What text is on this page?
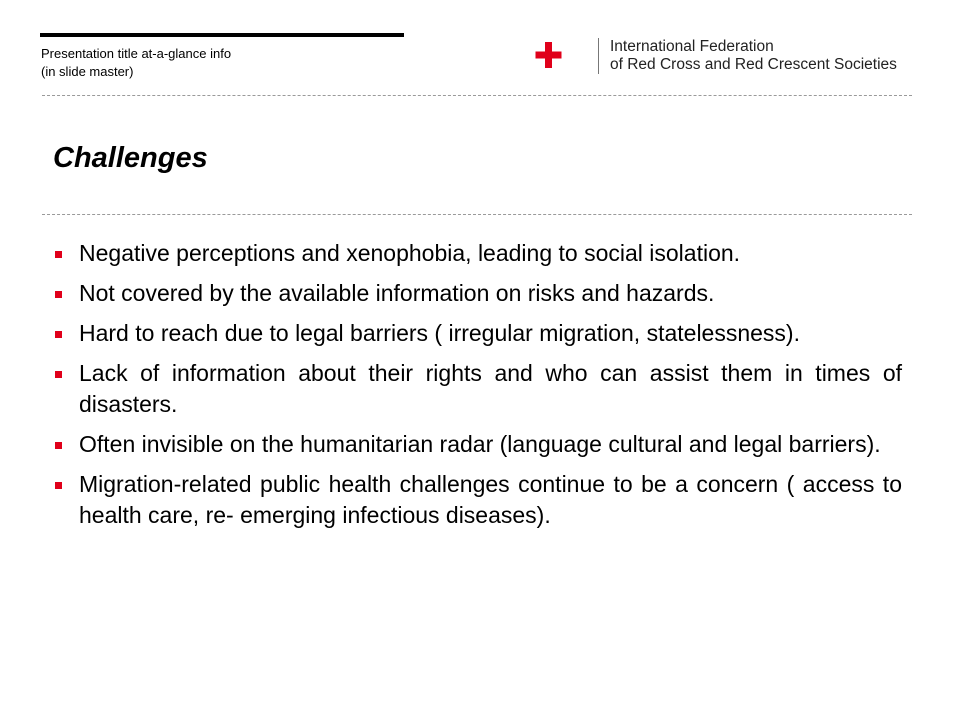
Presentation title at-a-glance info
(in slide master)
International Federation
of Red Cross and Red Crescent Societies
Challenges
Negative perceptions and xenophobia, leading to social isolation.
Not covered by the available information on risks and hazards.
Hard to reach due to legal barriers ( irregular migration, statelessness).
Lack of information about their rights and who can assist them in times of disasters.
Often invisible on the humanitarian radar (language cultural and legal barriers).
Migration-related public health challenges continue to be a concern ( access to health care, re- emerging infectious diseases).
